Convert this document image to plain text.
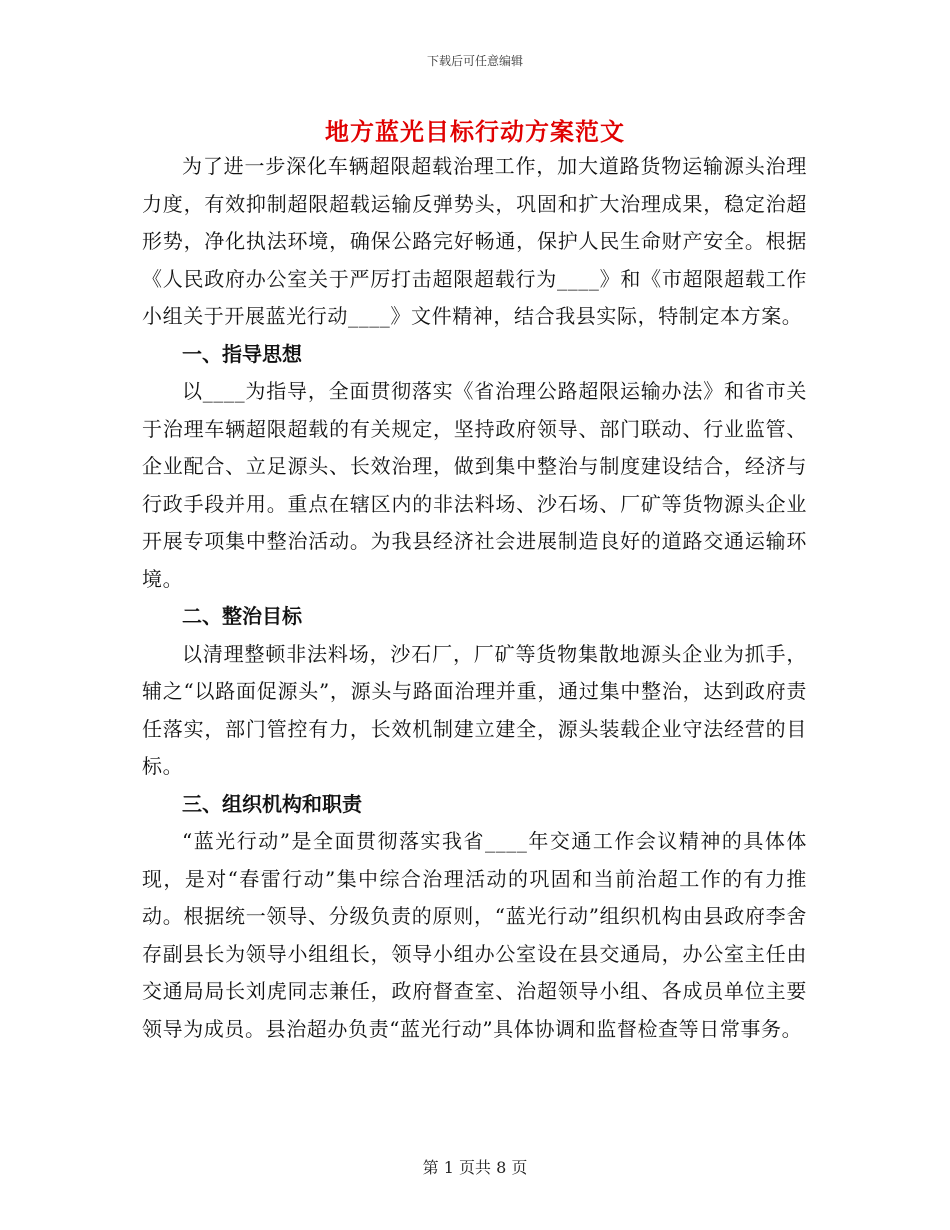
下载后可任意编辑
地方蓝光目标行动方案范文

为了进一步深化车辆超限超载治理工作，加大道路货物运输源头治理力度，有效抑制超限超载运输反弹势头，巩固和扩大治理成果，稳定治超形势，净化执法环境，确保公路完好畅通，保护人民生命财产安全。根据《人民政府办公室关于严厉打击超限超载行为____》和《市超限超载工作小组关于开展蓝光行动____》文件精神，结合我县实际，特制定本方案。

一、指导思想

以____为指导，全面贯彻落实《省治理公路超限运输办法》和省市关于治理车辆超限超载的有关规定，坚持政府领导、部门联动、行业监管、企业配合、立足源头、长效治理，做到集中整治与制度建设结合，经济与行政手段并用。重点在辖区内的非法料场、沙石场、厂矿等货物源头企业开展专项集中整治活动。为我县经济社会进展制造良好的道路交通运输环境。

二、整治目标

以清理整顿非法料场，沙石厂，厂矿等货物集散地源头企业为抓手，辅之“以路面促源头”，源头与路面治理并重，通过集中整治，达到政府责任落实，部门管控有力，长效机制建立建全，源头装载企业守法经营的目标。

三、组织机构和职责

“蓝光行动”是全面贯彻落实我省____年交通工作会议精神的具体体现，是对“春雷行动”集中综合治理活动的巩固和当前治超工作的有力推动。根据统一领导、分级负责的原则，“蓝光行动”组织机构由县政府李舍存副县长为领导小组组长，领导小组办公室设在县交通局，办公室主任由交通局局长刘虎同志兼任，政府督查室、治超领导小组、各成员单位主要领导为成员。县治超办负责“蓝光行动”具体协调和监督检查等日常事务。

第 1 页共 8 页
